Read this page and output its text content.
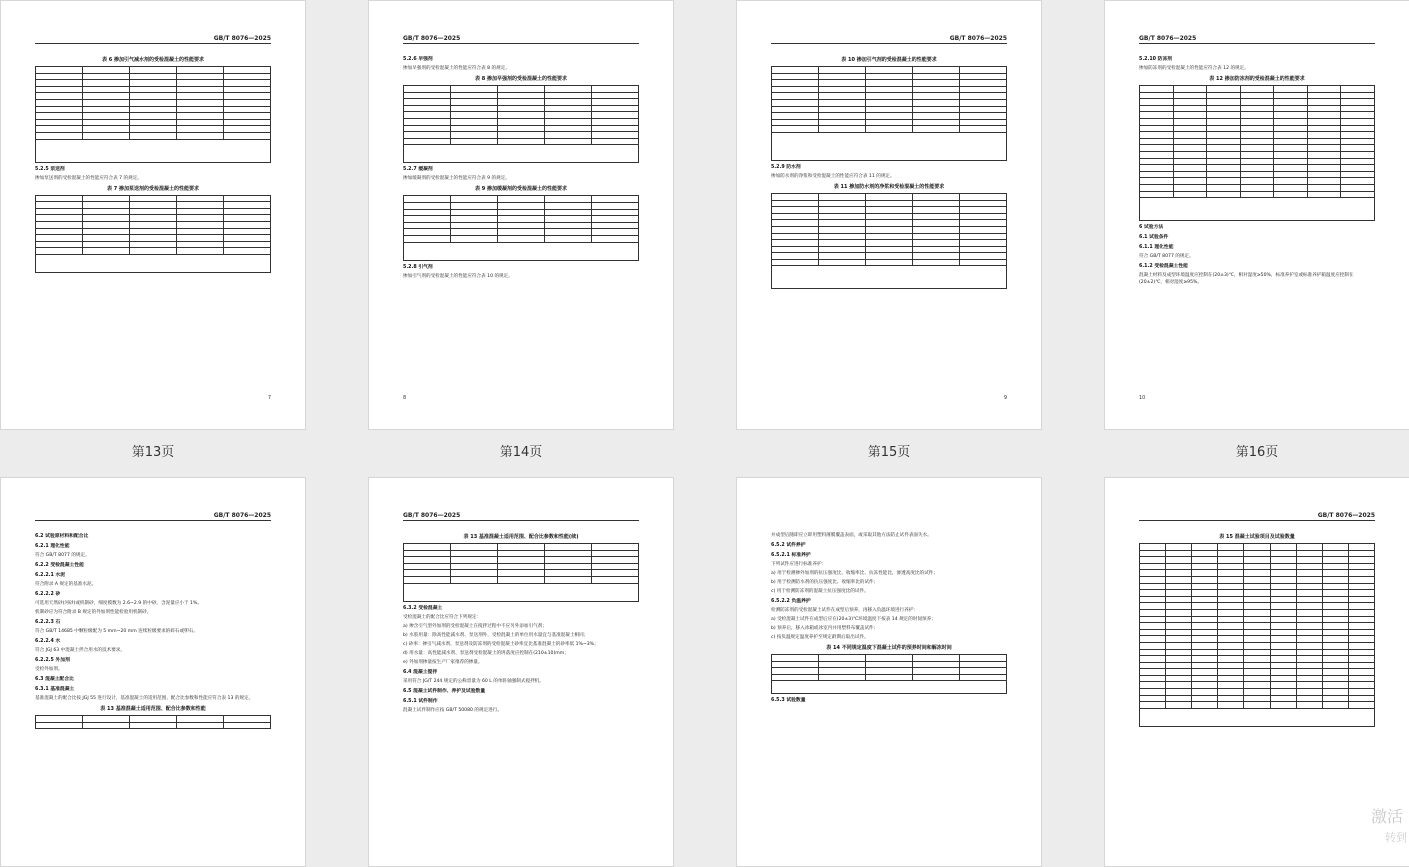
GB/T 8076—2025
表 6 掺加引气减水剂的受检混凝土的性能要求

5.2.5 泵送剂
掺加泵送剂的受检混凝土的性能应符合表 7 的规定。
表 7 掺加泵送剂的受检混凝土的性能要求

7
第13页
GB/T 8076—2025
5.2.6 早强剂
掺加早强剂的受检混凝土的性能应符合表 8 的规定。
表 8 掺加早强剂的受检混凝土的性能要求

5.2.7 缓凝剂
掺加缓凝剂的受检混凝土的性能应符合表 9 的规定。
表 9 掺加缓凝剂的受检混凝土的性能要求

5.2.8 引气剂
掺加引气剂的受检混凝土的性能应符合表 10 的规定。
8
第14页
GB/T 8076—2025
表 10 掺加引气剂的受检混凝土的性能要求

5.2.9 防水剂
掺加防水剂的净浆和受检混凝土的性能应符合表 11 的规定。
表 11 掺加防水剂的净浆和受检混凝土的性能要求

9
第15页
GB/T 8076—2025
5.2.10 防冻剂
掺加防冻剂的受检混凝土的性能应符合表 12 的规定。
表 12 掺加防冻剂的受检混凝土的性能要求

6 试验方法
6.1 试验条件
6.1.1 理化性能
符合 GB/T 8077 的规定。
6.1.2 受检混凝土性能
混凝土材料及成型环境温度应控制在(20±3)℃，相对湿度≥50%，标准养护室或标准养护箱温度应控制在(20±2)℃，相对湿度≥95%。
10
第16页
GB/T 8076—2025
6.2 试验原材料和配合比
6.2.1 理化性能
符合 GB/T 8077 的规定。
6.2.2 受检混凝土性能
6.2.2.1 水泥
符合附录 A 规定的基准水泥。
6.2.2.2 砂
可选用天然砂(河砂)或机制砂，细度模数为 2.6~2.9 的中砂，含泥量应小于 1%。
机制砂应为符合附录 B 规定的外加剂性能检验用机制砂。
6.2.2.3 石
符合 GB/T 14685 中颗粒级配为 5 mm~20 mm 连续粒级要求的碎石或卵石。
6.2.2.4 水
符合 JGJ 63 中混凝土拌合用水的技术要求。
6.2.2.5 外加剂
受检外加剂。
6.3 混凝土配合比
6.3.1 基准混凝土
基准混凝土的配合比按 JGJ 55 进行设计，基准混凝土的适用范围、配合比参数和性能应符合表 13 的规定。
表 13 基准混凝土适用范围、配合比参数和性能

GB/T 8076—2025
表 13 基准混凝土适用范围、配合比参数和性能(续)

6.3.2 受检混凝土
受检混凝土的配合比应符合下列规定：
a) 掺含引气型外加剂的受检混凝土在搅拌过程中不应另外添加引气剂；
b) 水胶用量：除高性能减水剂、泵送剂外，受检混凝土的单位用水量宜与基准混凝土相同；
c) 砂率：掺引气减水剂、泵送剂及防冻剂的受检混凝土砂率宜比基准混凝土的砂率低 1%~3%；
d) 用水量：高性能减水剂、泵送剂受检混凝土的坍落度应控制在(210±10)mm；
e) 外加剂掺量按生产厂家推荐的掺量。
6.4 混凝土搅拌
采用符合 JG/T 244 规定的公称容量为 60 L 的单卧轴强制式搅拌机。
6.5 混凝土试件制作、养护及试验数量
6.5.1 试件制作
混凝土试件制作应按 GB/T 50080 的规定进行。
并成型后随即应立即用塑料薄膜覆盖表面，或采取其他方法防止试件表面失水。
6.5.2 试件养护
6.5.2.1 标准养护
下列试件应进行标准养护：
a) 用于检测掺外加剂的抗压强度比、收缩率比、抗冻性能比、渗透高度比的试件；
b) 用于检测防水剂的抗压强度比、收缩率比的试件；
c) 用于检测防冻剂的混凝土抗压强度比的试件。
6.5.2.2 负温养护
检测防冻剂的受检混凝土试件在成型后预养，再移入负温环境进行养护：
a) 受检混凝土试件在成型后应在(20±3)℃环境温度下按表 14 规定的时间预养；
b) 预养后，移入冰箱或冰室内并用塑料布覆盖试件；
c) 按负温规定温度养护至规定龄期后取出试件。
表 14 不同规定温度下混凝土试件的预养时间和解冻时间

6.5.3 试验数量
GB/T 8076—2025
表 15 混凝土试验项目及试验数量

激活
转到
